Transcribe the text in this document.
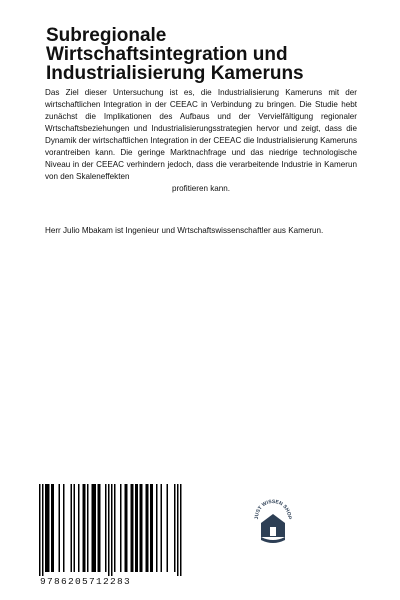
Subregionale
Wirtschaftsintegration und
Industrialisierung Kameruns

Das Ziel dieser Untersuchung ist es, die Industrialisierung Kameruns mit der wirtschaftlichen Integration in der CEEAC in Verbindung zu bringen. Die Studie hebt zunächst die Implikationen des Aufbaus und der Vervielfältigung regionaler Wrtschaftsbeziehungen und Industrialisierungsstrategien hervor und zeigt, dass die Dynamik der wirtschaftlichen Integration in der CEEAC die Industrialisierung Kameruns vorantreiben kann. Die geringe Marktnachfrage und das niedrige technologische Niveau in der CEEAC verhindern jedoch, dass die verarbeitende Industrie in Kamerun von den Skaleneffekten
profitieren kann.

Herr Julio Mbakam ist Ingenieur und Wrtschaftswissenschaftler aus Kamerun.

9786205712283
JUST WISSEN SHOP
